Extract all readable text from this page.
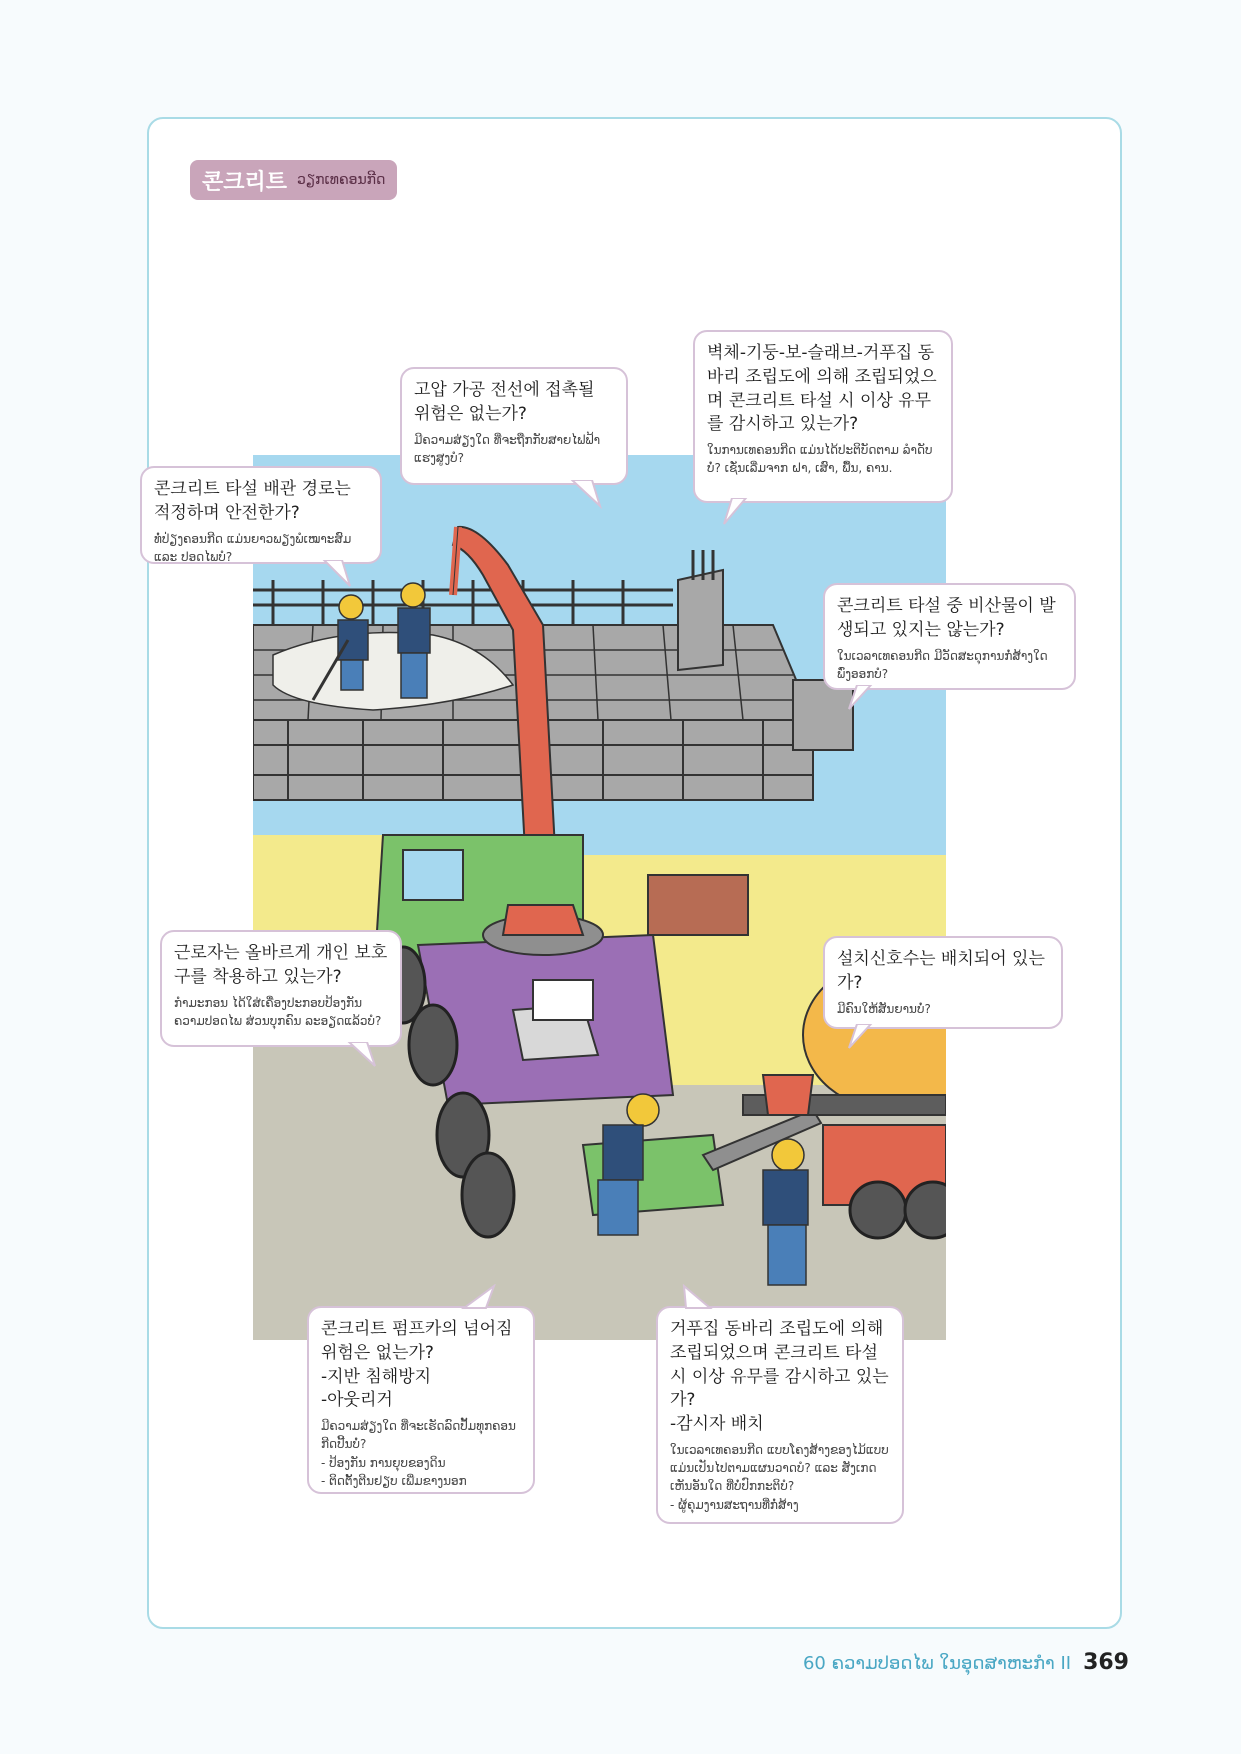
콘크리트 ວຽກເທຄອນກີດ
콘크리트 타설 배관 경로는 적정하며 안전한가?
ທໍ່ປ່ຽງຄອນກີດ ແມ່ນຍາວພຽງພໍເໝາະສົມ ແລະ ປອດໄພບໍ?
고압 가공 전선에 접촉될 위험은 없는가?
ມີຄວາມສ່ຽງໃດ ທີ່ຈະຖືກກັບສາຍໄຟຟ້າແຮງສູງບໍ?
벽체-기둥-보-슬래브-거푸집 동바리 조립도에 의해 조립되었으며 콘크리트 타설 시 이상 유무를 감시하고 있는가?
ໃນການເທຄອນກີດ ແມ່ນໄດ້ປະຕິບັດຕາມ ລຳດັບບໍ່? ເຊັ່ນເລີ່ມຈາກ ຝາ, ເສົາ, ພື້ນ, ຄານ.
콘크리트 타설 중 비산물이 발생되고 있지는 않는가?
ໃນເວລາເທຄອນກີດ ມີວັດສະດຸການກໍ່ສ້າງໃດ ພົ່ງອອກບໍ?
근로자는 올바르게 개인 보호구를 착용하고 있는가?
ກຳມະກອນ ໄດ້ໃສ່ເຄື່ອງປະກອບປ້ອງກັນ ຄວາມປອດໄພ ສ່ວນບຸກຄົນ ລະອຽດແລ້ວບໍ?
설치신호수는 배치되어 있는가?
ມີຄົນໃຫ້ສັນຍານບໍ່?
콘크리트 펌프카의 넘어짐 위험은 없는가?
-지반 침해방지
-아웃리거
ມີຄວາມສ່ຽງໃດ ທີ່ຈະເຮັດລົດປັ້ມທຸກຄອນກີດປີ້ນບໍ່?
- ປ້ອງກັນ ການຍຸບຂອງດິນ
- ຕິດຕັ້ງຕີນຢຽບ ເພີ່ມຂາງນອກ
거푸집 동바리 조립도에 의해 조립되었으며 콘크리트 타설 시 이상 유무를 감시하고 있는가?
-감시자 배치
ໃນເວລາເທຄອນກີດ ແບບໂຄງສ້າງຂອງໄມ້ແບບ ແມ່ນເປັນໄປຕາມແຜນວາດບໍ? ແລະ ສັງເກດເຫັນອັນໃດ ທີ່ບໍ່ປົກກະຕິບໍ?
- ຜູ້ຄຸມງານສະຖານທີ່ກໍ່ສ້າງ
60 ຄວາມປອດໄພ ໃນອຸດສາຫະກຳ II 369
